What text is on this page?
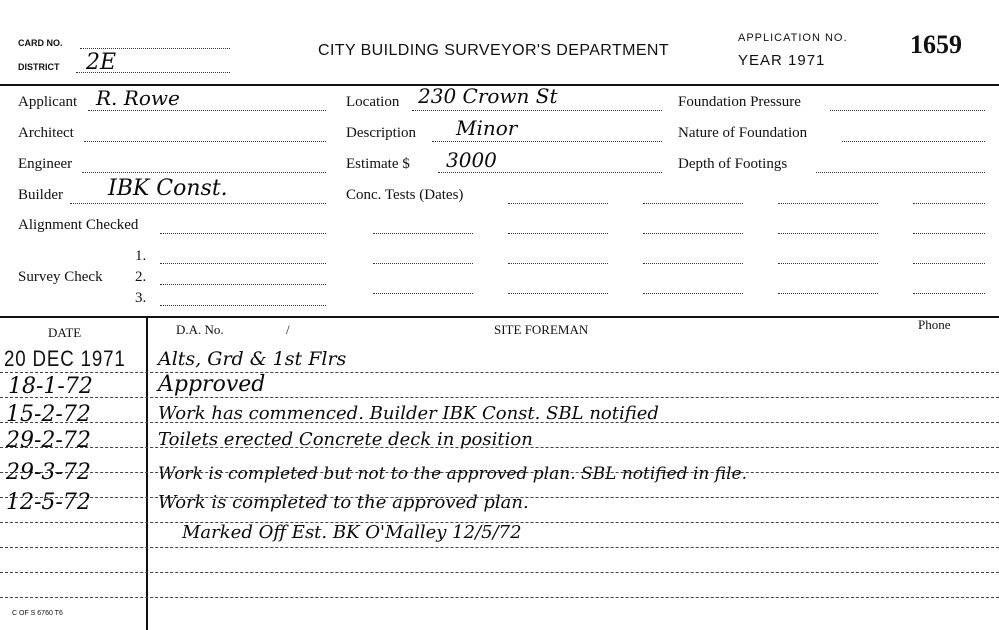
CARD NO.
DISTRICT 2E	CITY BUILDING SURVEYOR'S DEPARTMENT
APPLICATION NO.
YEAR 1971
1659
Applicant R. Rowe
Architect
Engineer
Builder IBK Const.
Alignment Checked
Survey Check
1.
2.
3.
Location 230 Crown St
Description Minor
Estimate $ 3000
Conc. Tests (Dates)
Foundation Pressure
Nature of Foundation
Depth of Footings
DATE	D.A. No.	/	SITE FOREMAN	Phone
20 DEC 1971 Alts, Grd & 1st Flrs
18-1-72	Approved
15-2-72	Work has commenced. Builder IBK Const. SBL notified
29-2-72	Toilets erected Concrete deck in position
29-3-72	Work is completed but not to the approved plan. SBL notified in file.
12-5-72	Work is completed to the approved plan.
Marked Off Est. BK O'Malley 12/5/72
C OF S 6760 T6
